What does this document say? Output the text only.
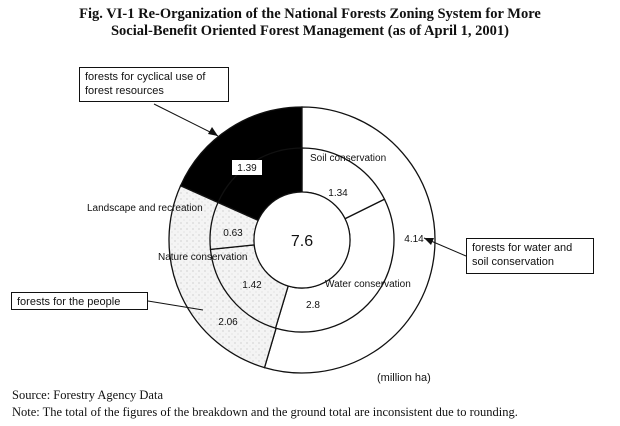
Fig. VI-1 Re-Organization of the National Forests Zoning System for More
Social-Benefit Oriented Forest Management (as of April 1, 2001)
7.6
Soil conservation
Landscape and recreation
Nature conservation
Water conservation
1.39
1.34
2.8
1.42
0.63
4.14
2.06
forests for cyclical use of forest resources
forests for water and soil conservation
forests for the people
(million ha)
Source: Forestry Agency Data
Note: The total of the figures of the breakdown and the ground total are inconsistent due to rounding.
